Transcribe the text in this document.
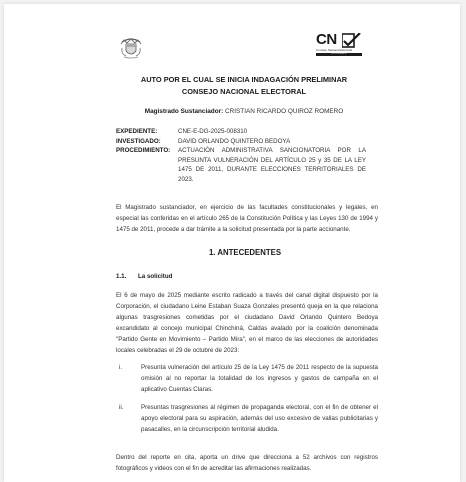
CN
Consejo Nacional Electoral
COLOMBIA
AUTO POR EL CUAL SE INICIA INDAGACIÓN PRELIMINAR
CONSEJO NACIONAL ELECTORAL
Magistrado Sustanciador: CRISTIAN RICARDO QUIROZ ROMERO
EXPEDIENTE:	CNE-E-DG-2025-008310
INVESTIGADO:	DAVID ORLANDO QUINTERO BEDOYA
PROCEDIMIENTO: ACTUACIÓN ADMINISTRATIVA SANCIONATORIA POR LA PRESUNTA VULNERACIÓN DEL ARTÍCULO 25 y 35 DE LA LEY 1475 DE 2011, DURANTE ELECCIONES TERRITORIALES DE 2023.
El Magistrado sustanciador, en ejercicio de las facultades constitucionales y legales, en especial las conferidas en el artículo 265 de la Constitución Política y las Leyes 130 de 1994 y 1475 de 2011, procede a dar trámite a la solicitud presentada por la parte accionante.
1. ANTECEDENTES
1.1. La solicitud
El 6 de mayo de 2025 mediante escrito radicado a través del canal digital dispuesto por la Corporación, el ciudadano Leine Estaban Suaza Gonzales presentó queja en la que relaciona algunas trasgresiones cometidas por el ciudadano David Orlando Quintero Bedoya excandidato al concejo municipal Chinchiná, Caldas avalado por la coalición denominada "Partido Gente en Movimiento – Partido Mira", en el marco de las elecciones de autoridades locales celebradas el 29 de octubre de 2023:
i.	Presunta vulneración del artículo 25 de la Ley 1475 de 2011 respecto de la supuesta omisión al no reportar la totalidad de los ingresos y gastos de campaña en el aplicativo Cuentas Claras.
ii.	Presuntas trasgresiones al régimen de propaganda electoral, con el fin de obtener el apoyo electoral para su aspiración, además del uso excesivo de vallas publicitarias y pasacalles, en la circunscripción territorial aludida.
Dentro del reporte en cita, aporta un drive que direcciona a 52 archivos con registros fotográficos y videos con el fin de acreditar las afirmaciones realizadas.
